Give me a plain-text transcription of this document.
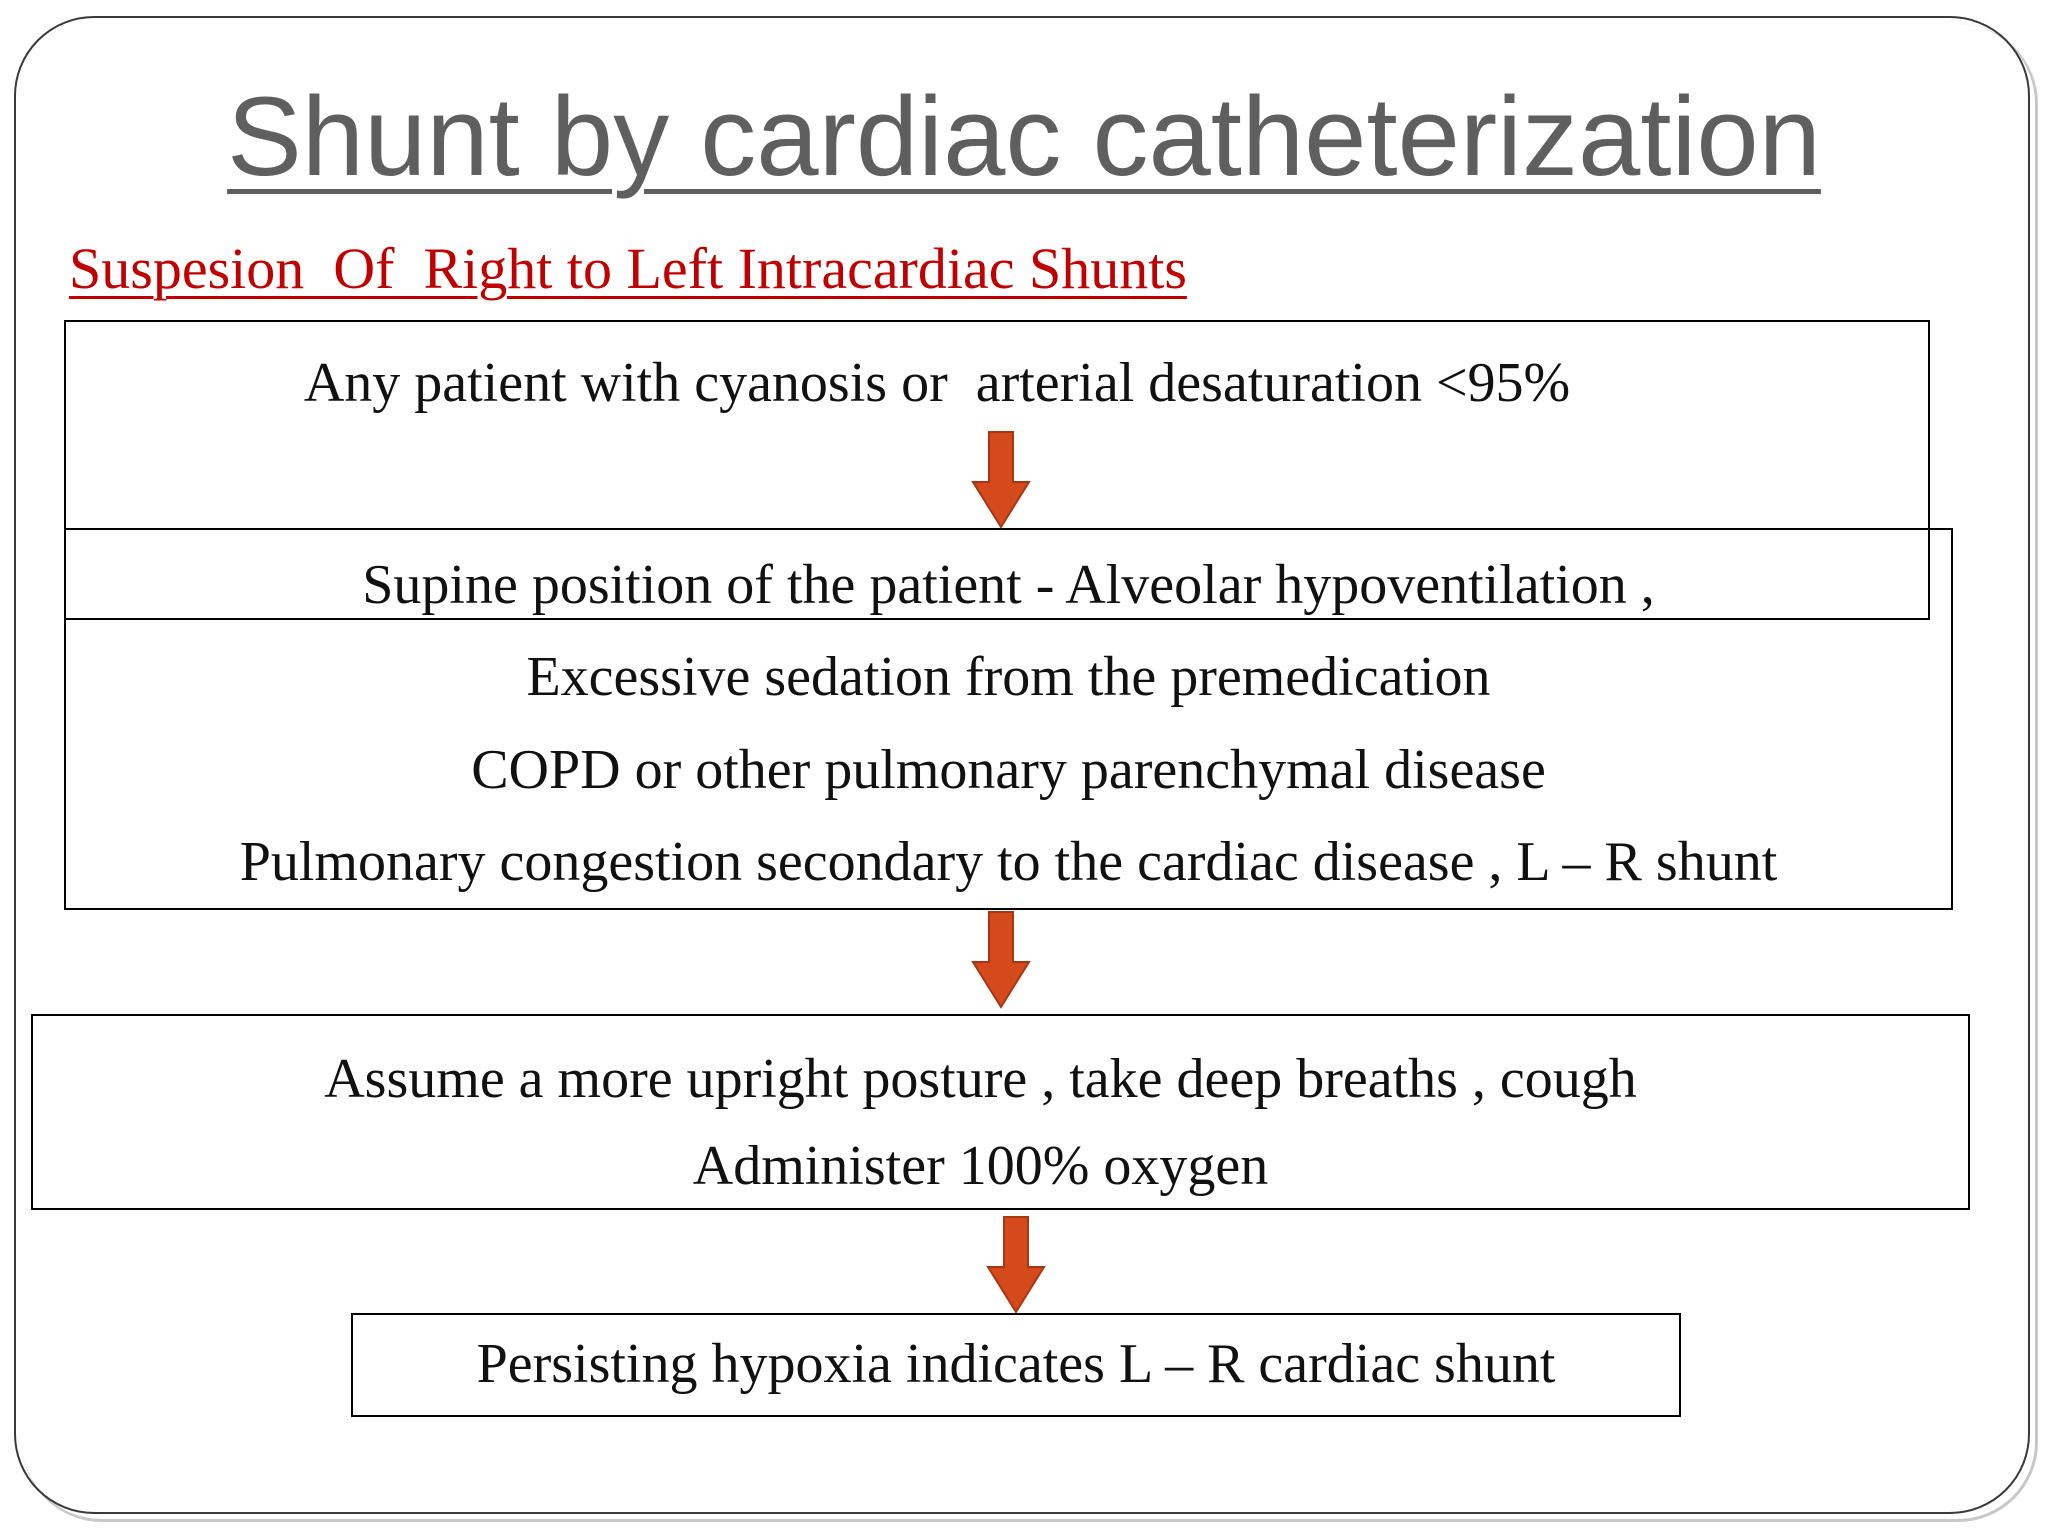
Shunt by cardiac catheterization
Suspesion  Of  Right to Left Intracardiac Shunts
Any patient with cyanosis or  arterial desaturation <95%
Supine position of the patient - Alveolar hypoventilation ,
Excessive sedation from the premedication
COPD or other pulmonary parenchymal disease
Pulmonary congestion secondary to the cardiac disease , L – R shunt
Assume a more upright posture , take deep breaths , cough
Administer 100% oxygen
Persisting hypoxia indicates L – R cardiac shunt
